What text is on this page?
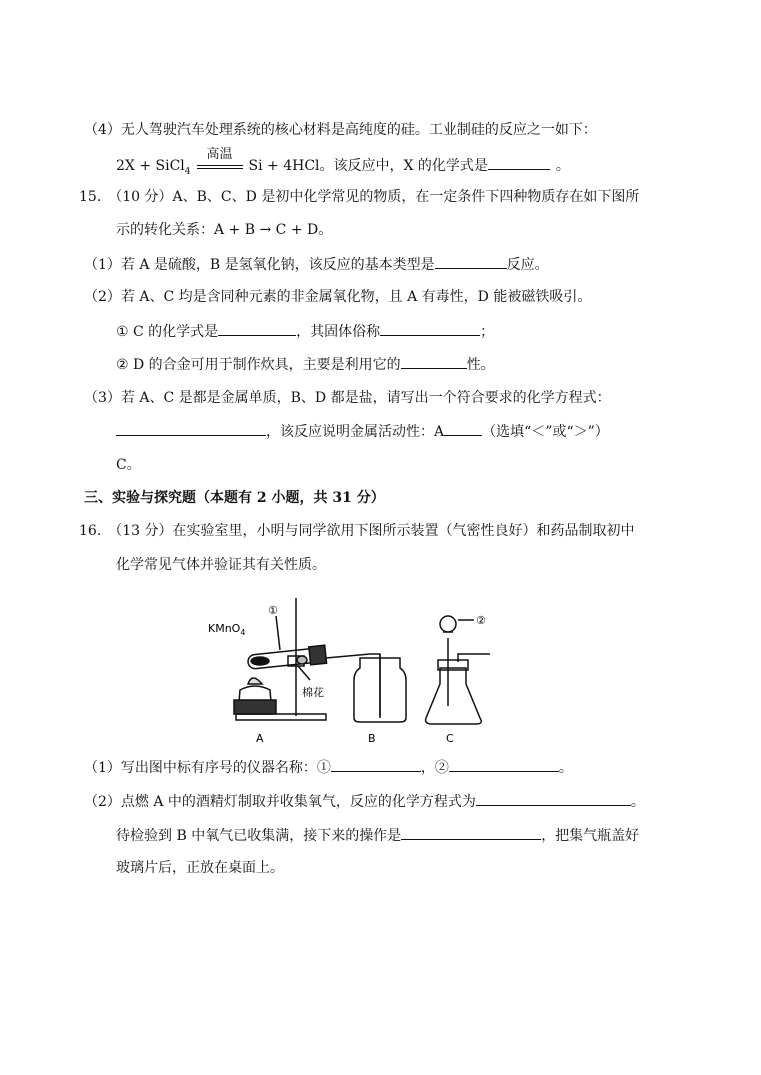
（4）无人驾驶汽车处理系统的核心材料是高纯度的硅。工业制硅的反应之一如下：
2X + SiCl$_4$
高温
Si + 4HCl。该反应中，X 的化学式是	。
15.　（10 分）A、B、C、D 是初中化学常见的物质，在一定条件下四种物质存在如下图所
示的转化关系：A + B → C + D。
（1）若 A 是硫酸，B 是氢氧化钠，该反应的基本类型是	反应。
（2）若 A、C 均是含同种元素的非金属氧化物，且 A 有毒性，D 能被磁铁吸引。
① C 的化学式是	，其固体俗称	；
② D 的合金可用于制作炊具，主要是利用它的	性。
（3）若 A、C 是都是金属单质，B、D 都是盐，请写出一个符合要求的化学方程式：
，该反应说明金属活动性：A	（选填“＜”或“＞”）
C。
三、实验与探究题（本题有 2 小题，共 31 分）
16.　（13 分）在实验室里，小明与同学欲用下图所示装置（气密性良好）和药品制取初中
化学常见气体并验证其有关性质。
KMnO$_4$
①
②
棉花
A	B	C
（1）写出图中标有序号的仪器名称：①	，②	。
（2）点燃 A 中的酒精灯制取并收集氧气，反应的化学方程式为	。
待检验到 B 中氧气已收集满，接下来的操作是	，把集气瓶盖好
玻璃片后，正放在桌面上。
